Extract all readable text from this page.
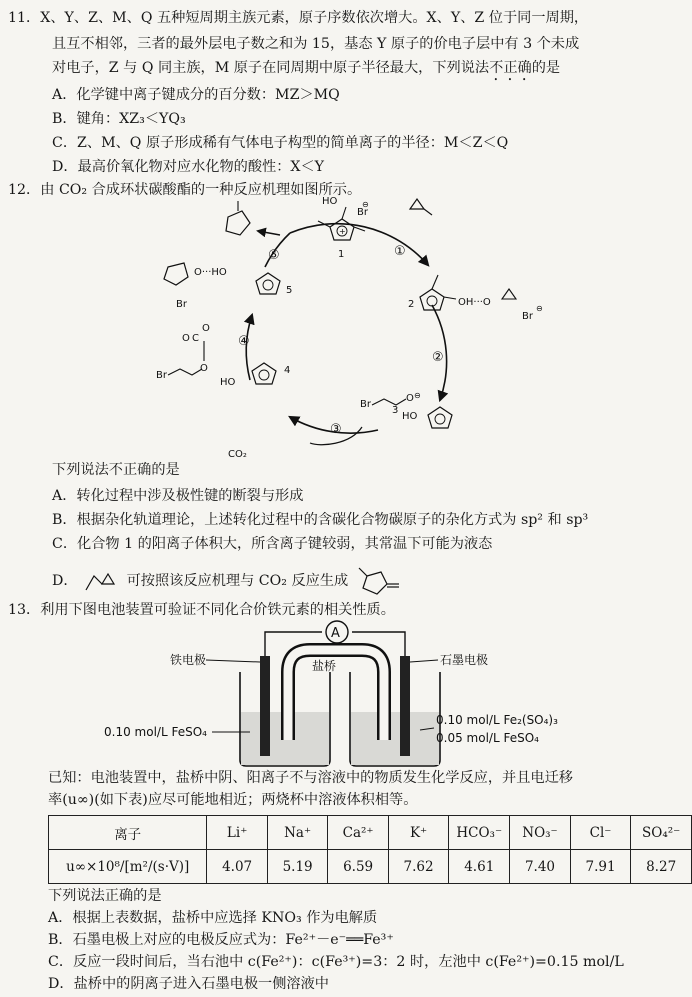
11．X、Y、Z、M、Q 五种短周期主族元素，原子序数依次增大。X、Y、Z 位于同一周期，
且互不相邻，三者的最外层电子数之和为 15，基态 Y 原子的价电子层中有 3 个未成
对电子，Z 与 Q 同主族，M 原子在同周期中原子半径最大，下列说法不正确的是
A．化学键中离子键成分的百分数：MZ＞MQ
B．键角：XZ₃＜YQ₃
C．Z、M、Q 原子形成稀有气体电子构型的简单离子的半径：M＜Z＜Q
D．最高价氧化物对应水化物的酸性：X＜Y
12．由 CO₂ 合成环状碳酸酯的一种反应机理如图所示。
①
②
③
④
⑤
+
HO
Br
⊖
1
OH···O
Br
⊖
2
Br
O ⊖
HO
3
CO₂
Br
O
O C
O
HO
4
O···HO
Br
5
下列说法不正确的是
A．转化过程中涉及极性键的断裂与形成
B．根据杂化轨道理论，上述转化过程中的含碳化合物碳原子的杂化方式为 sp² 和 sp³
C．化合物 1 的阳离子体积大，所含离子键较弱，其常温下可能为液态
D．	可按照该反应机理与 CO₂ 反应生成
13．利用下图电池装置可验证不同化合价铁元素的相关性质。
A
铁电极	石墨电极
盐桥
0.10 mol/L FeSO₄
0.10 mol/L Fe₂(SO₄)₃
0.05 mol/L FeSO₄
已知：电池装置中，盐桥中阴、阳离子不与溶液中的物质发生化学反应，并且电迁移
率(u∞)(如下表)应尽可能地相近；两烧杯中溶液体积相等。
离子	Li⁺	Na⁺	Ca²⁺	K⁺	HCO₃⁻	NO₃⁻	Cl⁻	SO₄²⁻
u∞×10⁸/[m²/(s·V)]	4.07	5.19	6.59	7.62	4.61	7.40	7.91	8.27
下列说法正确的是
A．根据上表数据，盐桥中应选择 KNO₃ 作为电解质
B．石墨电极上对应的电极反应式为：Fe²⁺－e⁻══Fe³⁺
C．反应一段时间后，当右池中 c(Fe²⁺)：c(Fe³⁺)=3：2 时，左池中 c(Fe²⁺)=0.15 mol/L
D．盐桥中的阴离子进入石墨电极一侧溶液中
